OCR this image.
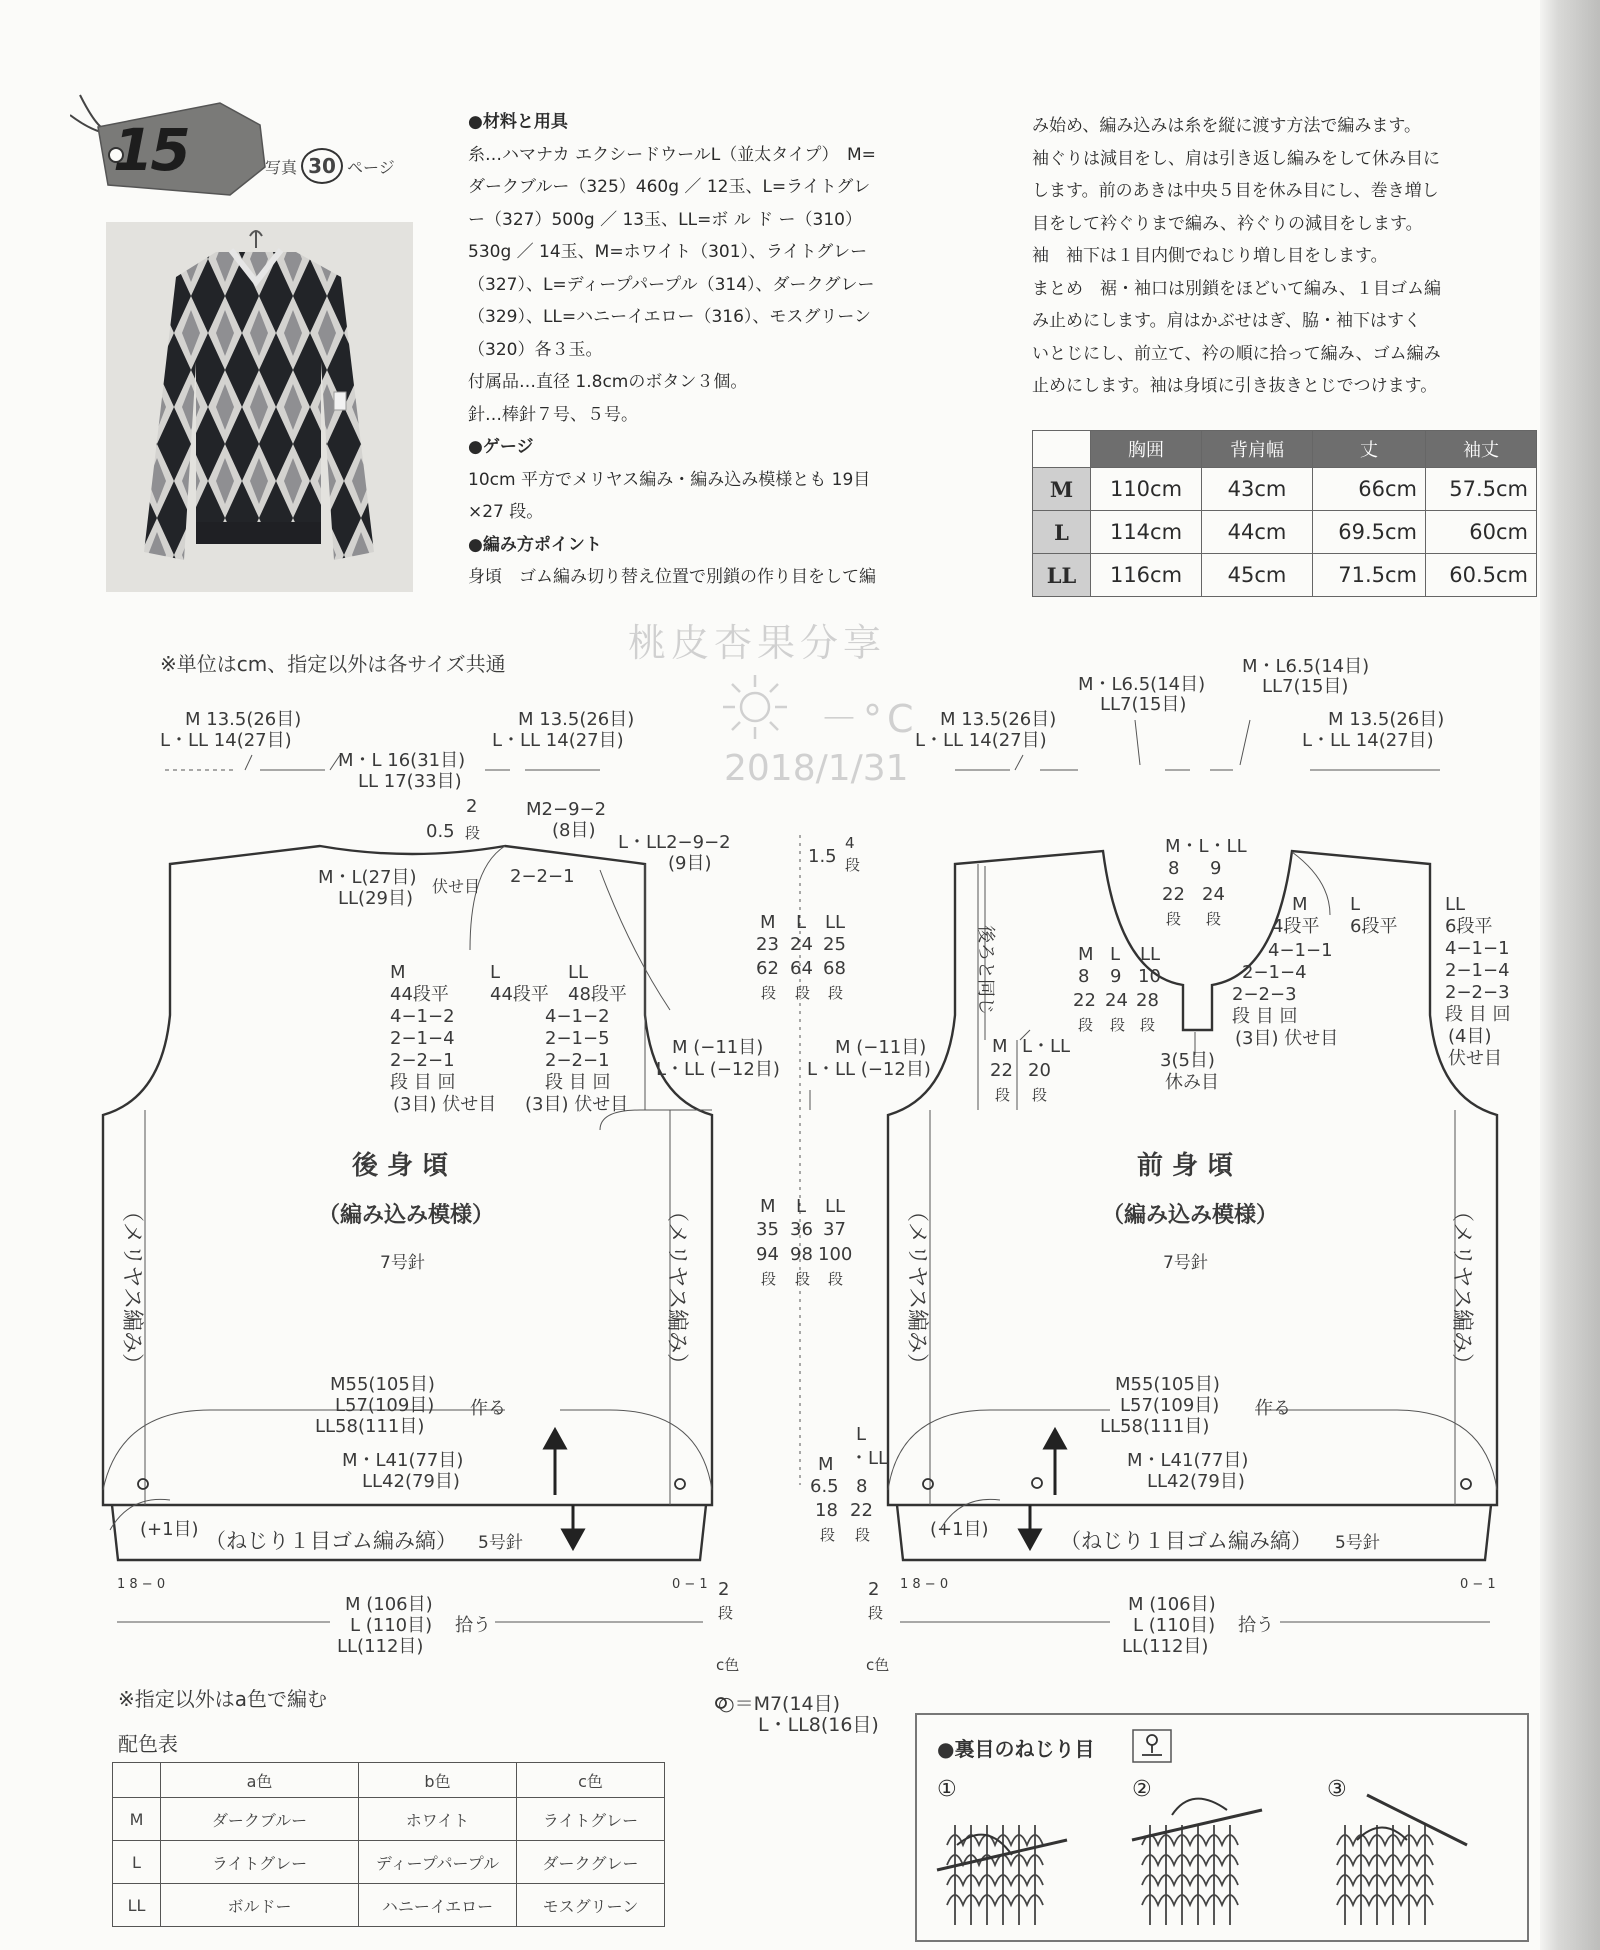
15	写真 30 ページ

●材料と用具

糸…ハマナカ エクシードウールL（並太タイプ）　M=

ダークブルー（325）460g ／ 12玉、L=ライトグレ

ー（327）500g ／ 13玉、LL=ボ ル ド ー（310）

530g ／ 14玉、M=ホワイト（301）、ライトグレー

（327）、L=ディープパープル（314）、ダークグレー

（329）、LL=ハニーイエロー（316）、モスグリーン

（320）各３玉。

付属品…直径 1.8cmのボタン３個。

針…棒針７号、５号。

●ゲージ

10cm 平方でメリヤス編み・編み込み模様とも 19目

×27 段。

●編み方ポイント

身頃　ゴム編み切り替え位置で別鎖の作り目をして編

み始め、編み込みは糸を縦に渡す方法で編みます。

袖ぐりは減目をし、肩は引き返し編みをして休み目に

します。前のあきは中央５目を休み目にし、巻き増し

目をして衿ぐりまで編み、衿ぐりの減目をします。

袖　袖下は１目内側でねじり増し目をします。

まとめ　裾・袖口は別鎖をほどいて編み、１目ゴム編

み止めにします。肩はかぶせはぎ、脇・袖下はすく

いとじにし、前立て、衿の順に拾って編み、ゴム編み

止めにします。袖は身頃に引き抜きとじでつけます。

	胸囲	背肩幅	丈	袖丈
M	110cm	43cm	66cm	57.5cm
L	114cm	44cm	69.5cm	60cm
LL	116cm	45cm	71.5cm	60.5cm
桃皮杏果分享
－°C
2018/1/31
※単位はcm、指定以外は各サイズ共通
M 13.5(26目)
L・LL 14(27目)
M・L 16(31目)
LL 17(33目)
M 13.5(26目)
L・LL 14(27目)
M 13.5(26目)
L・LL 14(27目)
M・L6.5(14目)
LL7(15目)
M・L6.5(14目)
LL7(15目)
M 13.5(26目)
L・LL 14(27目)
2
0.5 段
M2−9−2
(8目)
L・LL2−9−2
(9目)
M・L(27目)
LL(29目)
伏せ目 2−2−1
M	L	LL
44段平 44段平 48段平
4−1−2	4−1−2
2−1−4	2−1−5
2−2−1	2−2−1
段 目 回	段 目 回
(3目) 伏せ目 (3目) 伏せ目
後 身 頃
（編み込み模様）
7号針
（メリヤス編み）	（メリヤス編み）
M55(105目)
L57(109目)
LL58(111目)
作る
M・L41(77目)
LL42(79目)
(+1目) （ねじり１目ゴム編み縞） 5号針
1 8 − 0	0 − 1
M (106目)
L (110目)
LL(112目)
拾う
1.5
4
段
M L LL
23 24 25
62 64 68
段 段 段
M (−11目)
L・LL (−12目)
M (−11目)
L・LL (−12目)
M L LL
35 36 37
94 98 100
段 段 段
L
M ・LL
6.5 8
18 22
段 段
2
段
c色
2
段
c色
○＝M7(14目)
L・LL8(16目)
M・L・LL
8 9
22 24
段 段
M L
4段平 6段平
4−1−1
2−1−4
2−2−3
段 目 回
(3目) 伏せ目
LL
6段平
4−1−1
2−1−4
2−2−3
段 目 回
(4目)
伏せ目
M L LL
8 9 10
22 24 28
段 段 段
後ろと同じ
M L・LL
22 20
段 段
3(5目)
休み目
前 身 頃
（編み込み模様）
7号針
（メリヤス編み）	（メリヤス編み）
M55(105目)
L57(109目)
LL58(111目)
作る
M・L41(77目)
LL42(79目)
(+1目)	（ねじり１目ゴム編み縞） 5号針
1 8 − 0	0 − 1
M (106目)
L (110目)
LL(112目)
拾う
※指定以外はa色で編む
配色表
	a色	b色	c色
M	ダークブルー	ホワイト	ライトグレー
L	ライトグレー	ディープパープル	ダークグレー
LL	ボルドー	ハニーイエロー	モスグリーン
●裏目のねじり目
①	②	③
